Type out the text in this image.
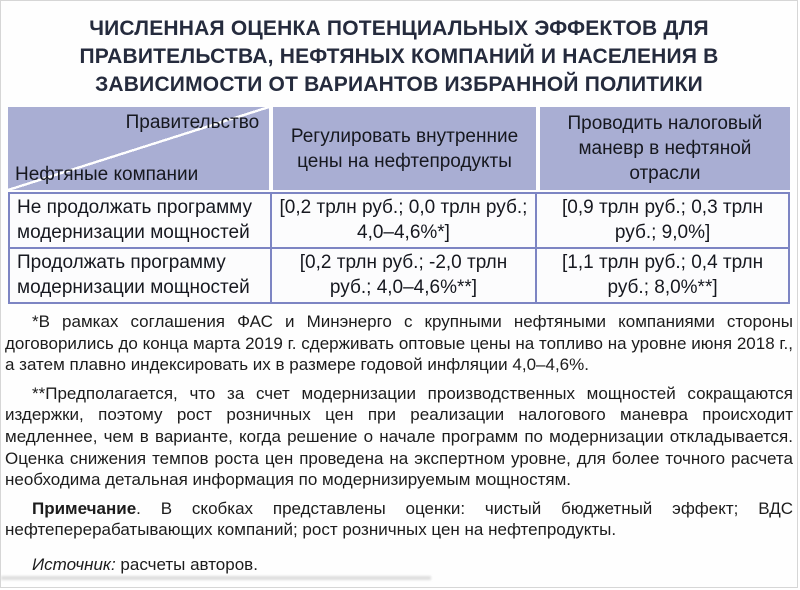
ЧИСЛЕННАЯ ОЦЕНКА ПОТЕНЦИАЛЬНЫХ ЭФФЕКТОВ ДЛЯ ПРАВИТЕЛЬСТВА, НЕФТЯНЫХ КОМПАНИЙ И НАСЕЛЕНИЯ В ЗАВИСИМОСТИ ОТ ВАРИАНТОВ ИЗБРАННОЙ ПОЛИТИКИ
Правительство
Нефтяные компании
Регулировать внутренние цены на нефтепродукты
Проводить налоговый маневр в нефтяной отрасли
Не продолжать программу модернизации мощностей
[0,2 трлн руб.; 0,0 трлн руб.; 4,0–4,6%*]
[0,9 трлн руб.; 0,3 трлн руб.; 9,0%]
Продолжать программу модернизации мощностей
[0,2 трлн руб.; -2,0 трлн руб.; 4,0–4,6%**]
[1,1 трлн руб.; 0,4 трлн руб.; 8,0%**]

*В рамках соглашения ФАС и Минэнерго с крупными нефтяными компаниями стороны договорились до конца марта 2019 г. сдерживать оптовые цены на топливо на уровне июня 2018 г., а затем плавно индексировать их в размере годовой инфляции 4,0–4,6%.

**Предполагается, что за счет модернизации производственных мощностей сокращаются издержки, поэтому рост розничных цен при реализации налогового маневра происходит медленнее, чем в варианте, когда решение о начале программ по модернизации откладывается. Оценка снижения темпов роста цен проведена на экспертном уровне, для более точного расчета необходима детальная информация по модернизируемым мощностям.

Примечание. В скобках представлены оценки: чистый бюджетный эффект; ВДС нефтеперерабатывающих компаний; рост розничных цен на нефтепродукты.

Источник: расчеты авторов.
